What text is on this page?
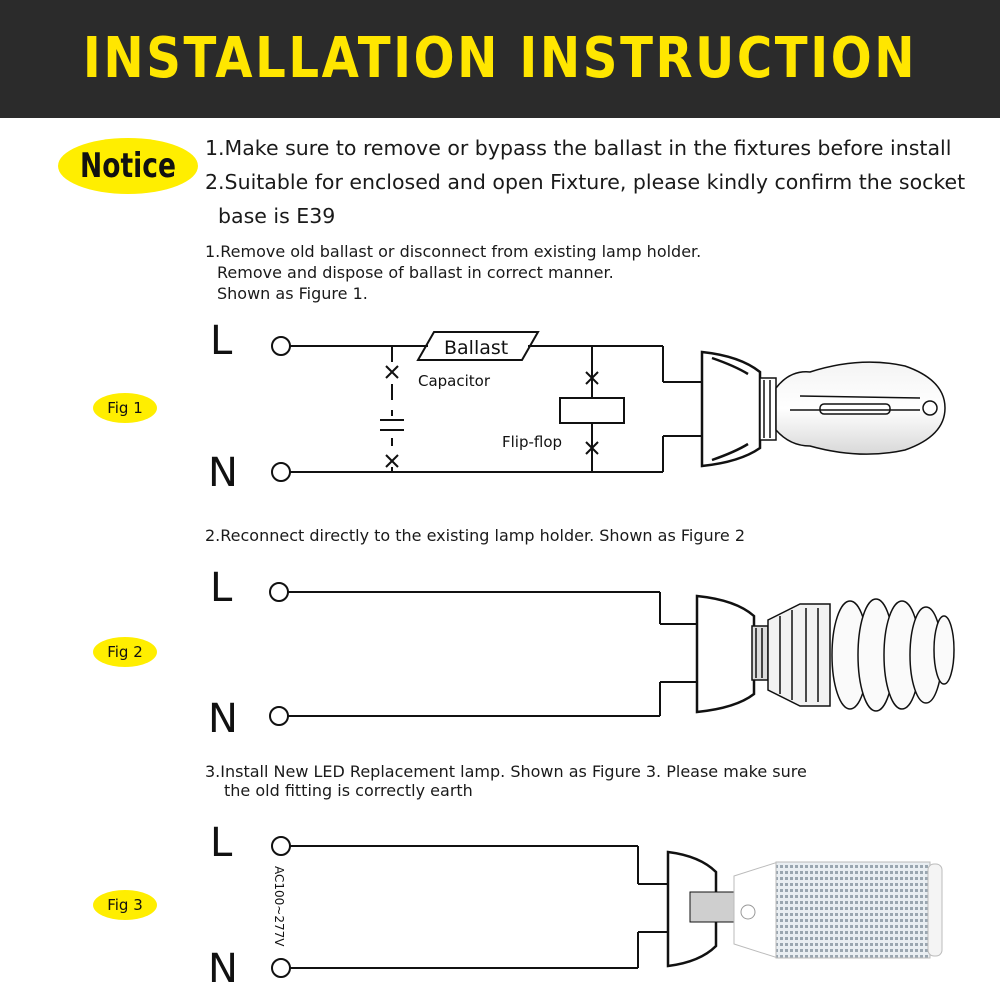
INSTALLATION INSTRUCTION
Notice	1.Make sure to remove or bypass the ballast in the fixtures before install
2.Suitable for enclosed and open Fixture, please kindly confirm the socket
base is E39
1.Remove old ballast or disconnect from existing lamp holder.
Remove and dispose of ballast in correct manner.
Shown as Figure 1.
2.Reconnect directly to the existing lamp holder. Shown as Figure 2
3.Install New LED Replacement lamp. Shown as Figure 3. Please make sure
the old fitting is correctly earth
Fig 1
Fig 2
Fig 3
L
N
L
N
L
N
Ballast
Capacitor
Flip-flop
AC100~277V
